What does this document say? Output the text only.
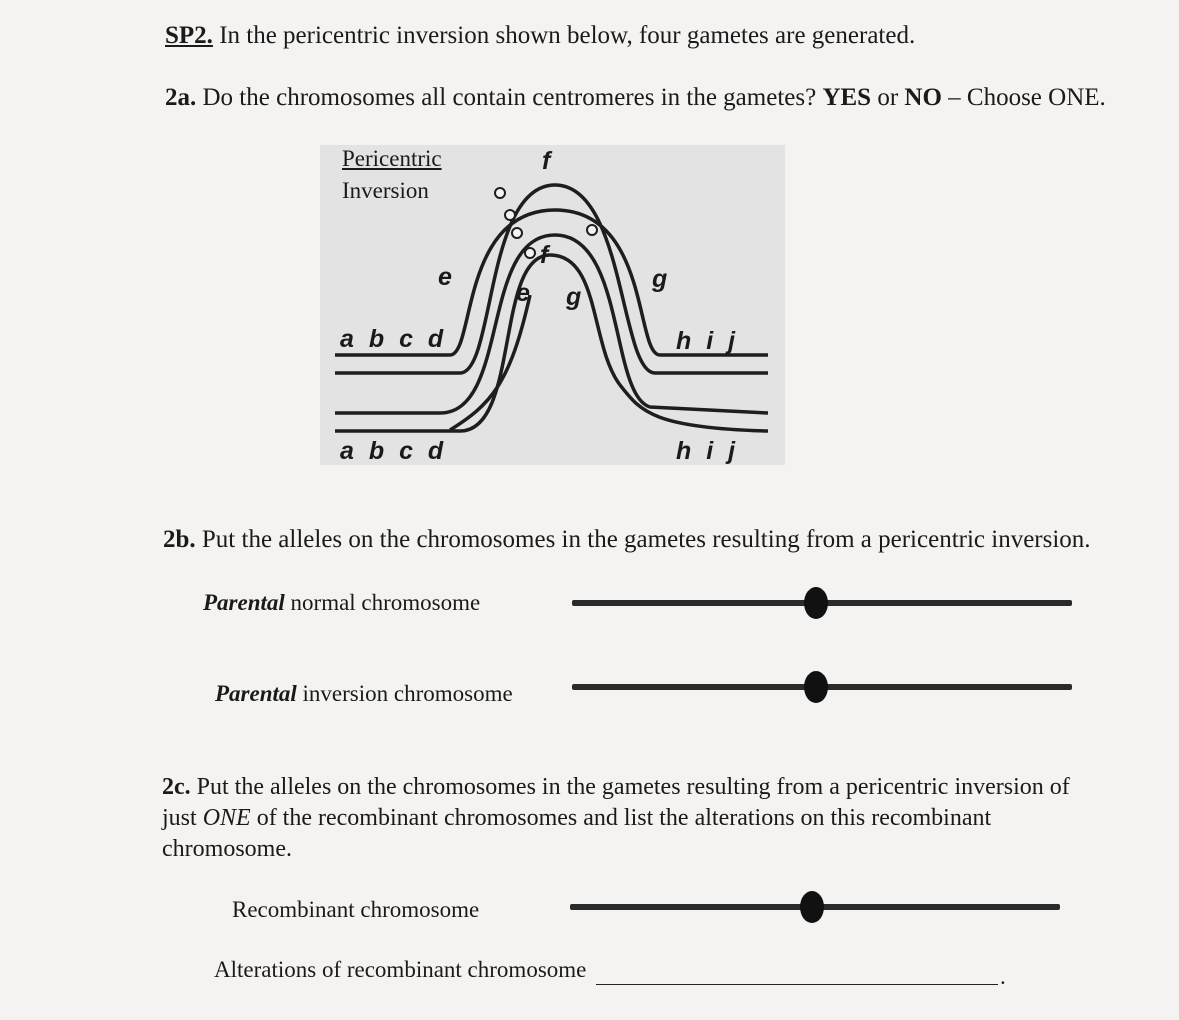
SP2. In the pericentric inversion shown below, four gametes are generated.
2a. Do the chromosomes all contain centromeres in the gametes? YES or NO – Choose ONE.
Pericentric
Inversion
f
e	g
e
f
g
a b c d	h i j
a b c d	h i j
2b. Put the alleles on the chromosomes in the gametes resulting from a pericentric inversion.
Parental normal chromosome
Parental inversion chromosome
2c. Put the alleles on the chromosomes in the gametes resulting from a pericentric inversion of
just ONE of the recombinant chromosomes and list the alterations on this recombinant
chromosome.
Recombinant chromosome
Alterations of recombinant chromosome	.
